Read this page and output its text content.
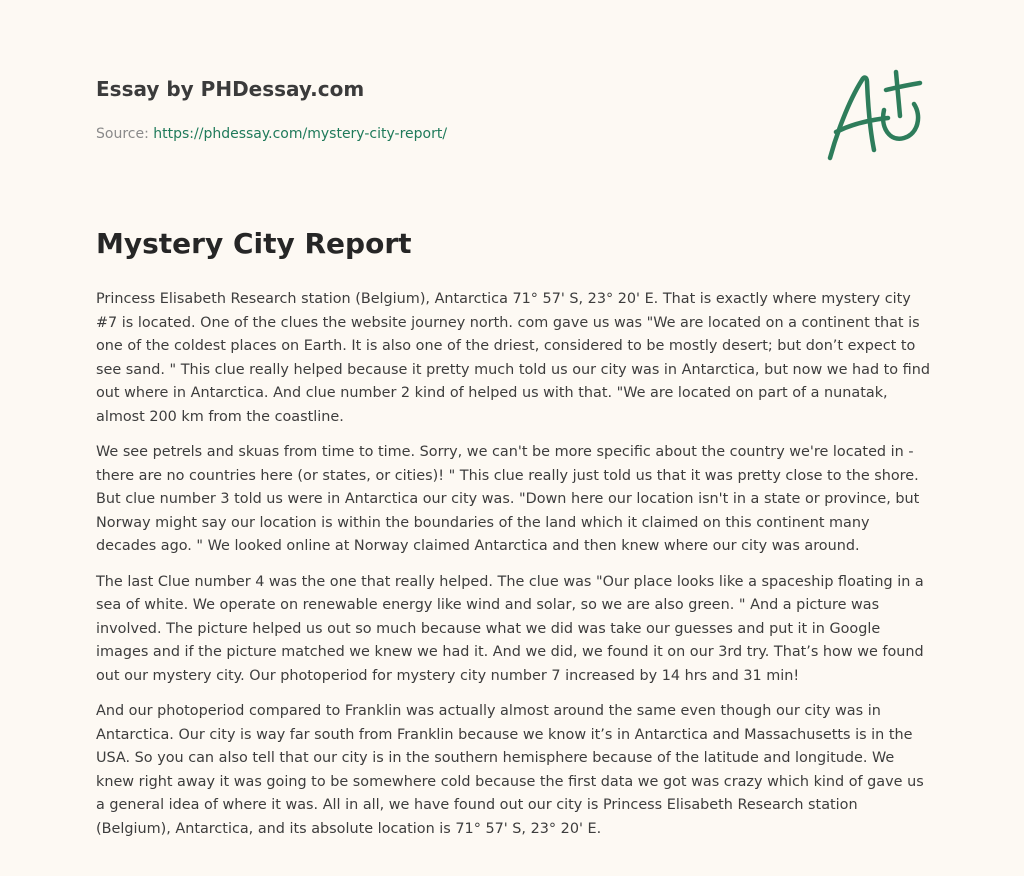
Essay by PHDessay.com
Source: https://phdessay.com/mystery-city-report/
Mystery City Report

Princess Elisabeth Research station (Belgium), Antarctica 71° 57' S, 23° 20' E. That is exactly where mystery city #7 is located. One of the clues the website journey north. com gave us was "We are located on a continent that is one of the coldest places on Earth. It is also one of the driest, considered to be mostly desert; but don’t expect to see sand. " This clue really helped because it pretty much told us our city was in Antarctica, but now we had to find out where in Antarctica. And clue number 2 kind of helped us with that. "We are located on part of a nunatak, almost 200 km from the coastline.

We see petrels and skuas from time to time. Sorry, we can't be more specific about the country we're located in - there are no countries here (or states, or cities)! " This clue really just told us that it was pretty close to the shore. But clue number 3 told us were in Antarctica our city was. "Down here our location isn't in a state or province, but Norway might say our location is within the boundaries of the land which it claimed on this continent many decades ago. " We looked online at Norway claimed Antarctica and then knew where our city was around.

The last Clue number 4 was the one that really helped. The clue was "Our place looks like a spaceship floating in a sea of white. We operate on renewable energy like wind and solar, so we are also green. " And a picture was involved. The picture helped us out so much because what we did was take our guesses and put it in Google images and if the picture matched we knew we had it. And we did, we found it on our 3rd try. That’s how we found out our mystery city. Our photoperiod for mystery city number 7 increased by 14 hrs and 31 min!

And our photoperiod compared to Franklin was actually almost around the same even though our city was in Antarctica. Our city is way far south from Franklin because we know it’s in Antarctica and Massachusetts is in the USA. So you can also tell that our city is in the southern hemisphere because of the latitude and longitude. We knew right away it was going to be somewhere cold because the first data we got was crazy which kind of gave us a general idea of where it was. All in all, we have found out our city is Princess Elisabeth Research station (Belgium), Antarctica, and its absolute location is 71° 57' S, 23° 20' E.
